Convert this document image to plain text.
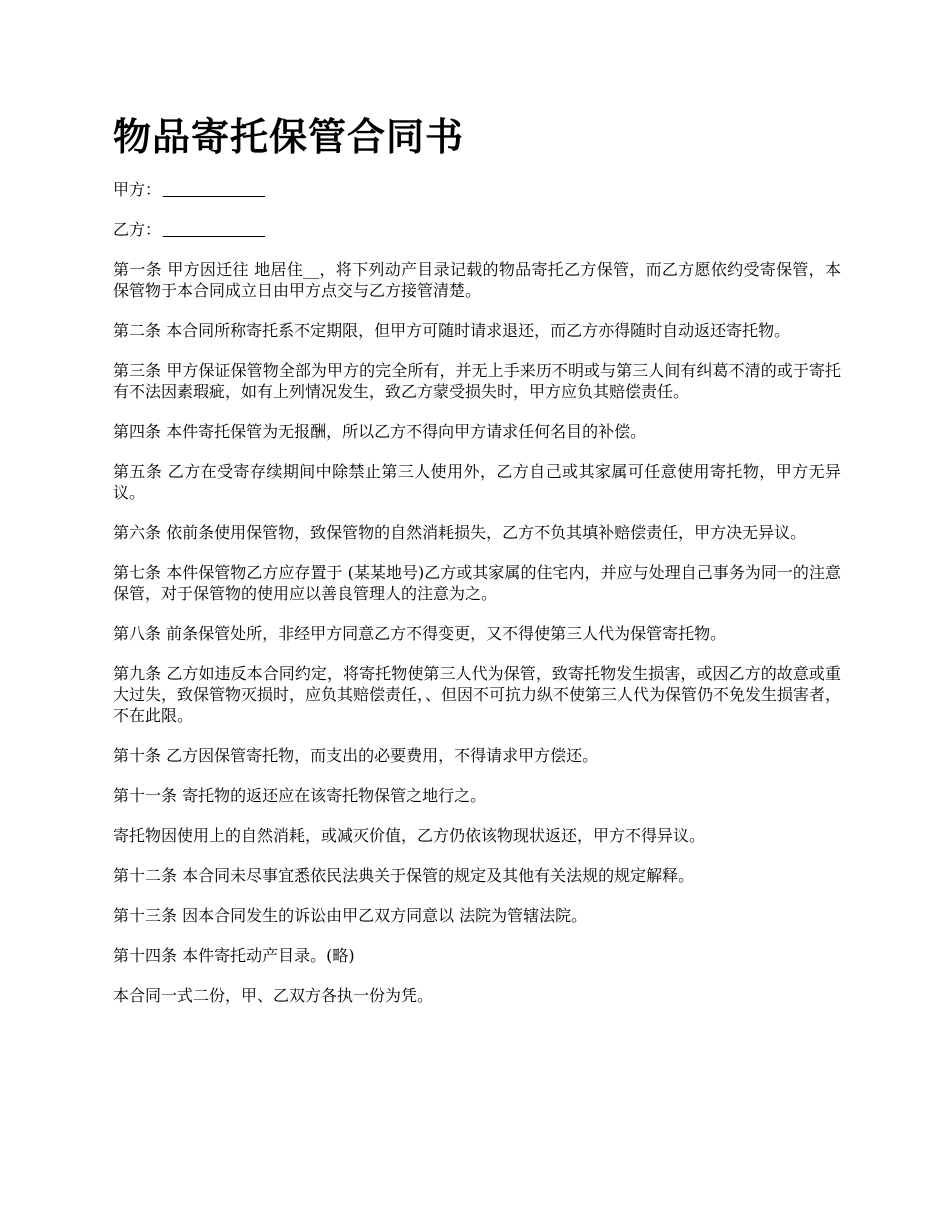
物品寄托保管合同书

甲方：

乙方：

第一条 甲方因迁往 地居住__，将下列动产目录记载的物品寄托乙方保管，而乙方愿依约受寄保管，本保管物于本合同成立日由甲方点交与乙方接管清楚。

第二条 本合同所称寄托系不定期限，但甲方可随时请求退还，而乙方亦得随时自动返还寄托物。

第三条 甲方保证保管物全部为甲方的完全所有，并无上手来历不明或与第三人间有纠葛不清的或于寄托有不法因素瑕疵，如有上列情况发生，致乙方蒙受损失时，甲方应负其赔偿责任。

第四条 本件寄托保管为无报酬，所以乙方不得向甲方请求任何名目的补偿。

第五条 乙方在受寄存续期间中除禁止第三人使用外，乙方自己或其家属可任意使用寄托物，甲方无异议。

第六条 依前条使用保管物，致保管物的自然消耗损失，乙方不负其填补赔偿责任，甲方决无异议。

第七条 本件保管物乙方应存置于 (某某地号)乙方或其家属的住宅内，并应与处理自己事务为同一的注意保管，对于保管物的使用应以善良管理人的注意为之。

第八条 前条保管处所，非经甲方同意乙方不得变更，又不得使第三人代为保管寄托物。

第九条 乙方如违反本合同约定，将寄托物使第三人代为保管，致寄托物发生损害，或因乙方的故意或重大过失，致保管物灭损时，应负其赔偿责任，、但因不可抗力纵不使第三人代为保管仍不免发生损害者，不在此限。

第十条 乙方因保管寄托物，而支出的必要费用，不得请求甲方偿还。

第十一条 寄托物的返还应在该寄托物保管之地行之。

寄托物因使用上的自然消耗，或减灭价值，乙方仍依该物现状返还，甲方不得异议。

第十二条 本合同未尽事宜悉依民法典关于保管的规定及其他有关法规的规定解释。

第十三条 因本合同发生的诉讼由甲乙双方同意以 法院为管辖法院。

第十四条 本件寄托动产目录。(略)

本合同一式二份，甲、乙双方各执一份为凭。
